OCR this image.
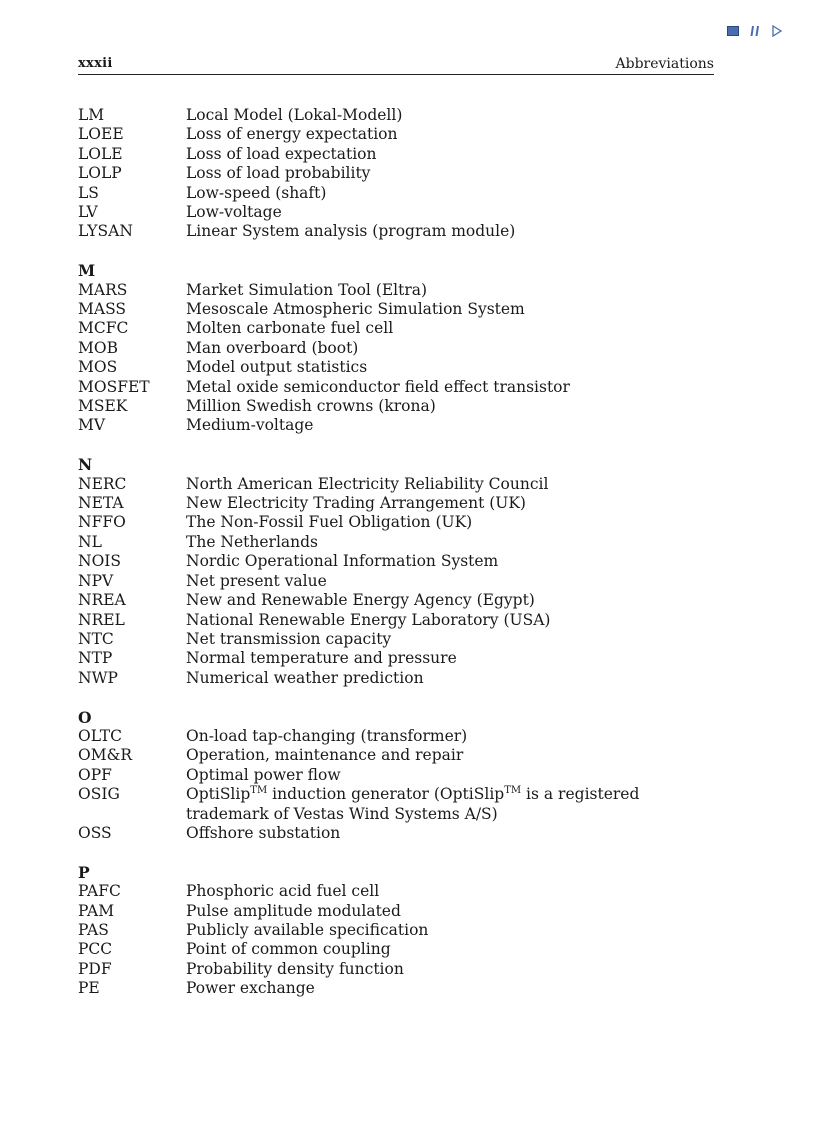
xxxii	Abbreviations
LM	Local Model (Lokal-Modell)
LOEE	Loss of energy expectation
LOLE	Loss of load expectation
LOLP	Loss of load probability
LS	Low-speed (shaft)
LV	Low-voltage
LYSAN	Linear System analysis (program module)
M
MARS	Market Simulation Tool (Eltra)
MASS	Mesoscale Atmospheric Simulation System
MCFC	Molten carbonate fuel cell
MOB	Man overboard (boot)
MOS	Model output statistics
MOSFET	Metal oxide semiconductor field effect transistor
MSEK	Million Swedish crowns (krona)
MV	Medium-voltage
N
NERC	North American Electricity Reliability Council
NETA	New Electricity Trading Arrangement (UK)
NFFO	The Non-Fossil Fuel Obligation (UK)
NL	The Netherlands
NOIS	Nordic Operational Information System
NPV	Net present value
NREA	New and Renewable Energy Agency (Egypt)
NREL	National Renewable Energy Laboratory (USA)
NTC	Net transmission capacity
NTP	Normal temperature and pressure
NWP	Numerical weather prediction
O
OLTC	On-load tap-changing (transformer)
OM&R	Operation, maintenance and repair
OPF	Optimal power flow
OSIG	OptiSlip™ induction generator (OptiSlip™ is a registered trademark of Vestas Wind Systems A/S)
OSS	Offshore substation
P
PAFC	Phosphoric acid fuel cell
PAM	Pulse amplitude modulated
PAS	Publicly available specification
PCC	Point of common coupling
PDF	Probability density function
PE	Power exchange
